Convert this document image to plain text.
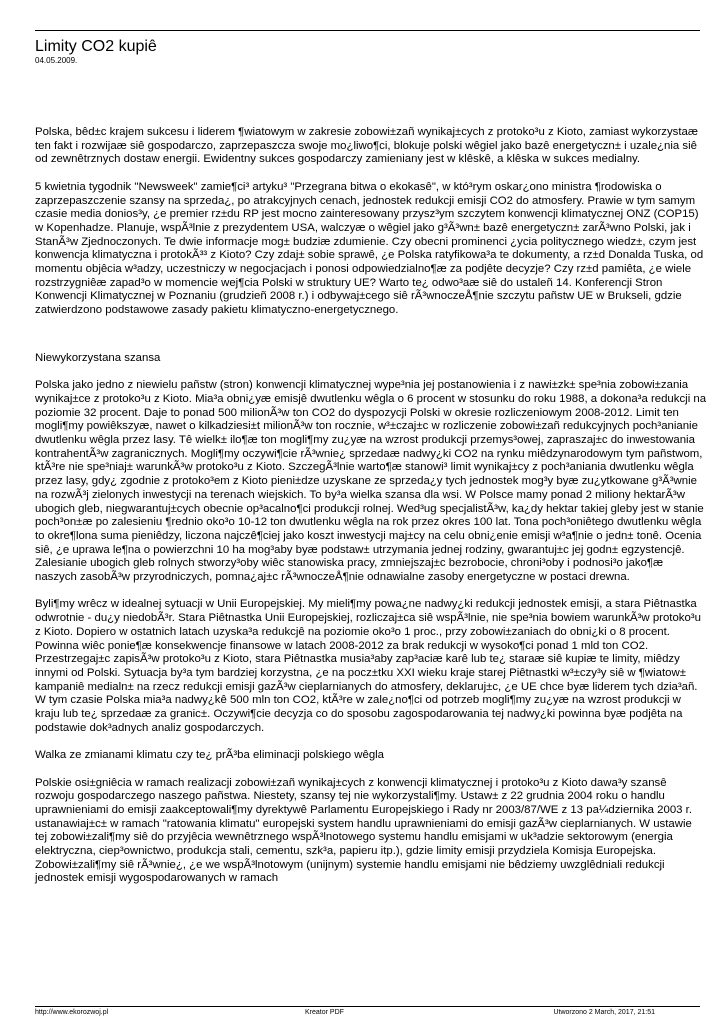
Limity CO2 kupiê
04.05.2009.

Polska, bêd±c krajem sukcesu i liderem ¶wiatowym w zakresie zobowi±zañ wynikaj±cych z protoko³u z Kioto, zamiast wykorzystaæ ten fakt i rozwijaæ siê gospodarczo, zaprzepaszcza swoje mo¿liwo¶ci, blokuje polski wêgiel jako bazê energetyczn± i uzale¿nia siê od zewnêtrznych dostaw energii. Ewidentny sukces gospodarczy zamieniany jest w klêskê, a klêska w sukces medialny.

5 kwietnia tygodnik "Newsweek" zamie¶ci³ artyku³ "Przegrana bitwa o ekokasê", w któ³rym oskar¿ono ministra ¶rodowiska o zaprzepaszczenie szansy na sprzeda¿, po atrakcyjnych cenach, jednostek redukcji emisji CO2 do atmosfery. Prawie w tym samym czasie media donios³y, ¿e premier rz±du RP jest mocno zainteresowany przysz³ym szczytem konwencji klimatycznej ONZ (COP15) w Kopenhadze. Planuje, wspÃ³lnie z prezydentem USA, walczyæ o wêgiel jako g³Ã³wn± bazê energetyczn± zarÃ³wno Polski, jak i StanÃ³w Zjednoczonych. Te dwie informacje mog± budziæ zdumienie. Czy obecni prominenci ¿ycia politycznego wiedz±, czym jest konwencja klimatyczna i protokÃ³³ z Kioto? Czy zdaj± sobie sprawê, ¿e Polska ratyfikowa³a te dokumenty, a rz±d Donalda Tuska, od momentu objêcia w³adzy, uczestniczy w negocjacjach i ponosi odpowiedzialno¶æ za podjête decyzje? Czy rz±d pamiêta, ¿e wiele rozstrzygniêæ zapad³o w momencie wej¶cia Polski w struktury UE? Warto te¿ odwo³aæ siê do ustaleñ 14. Konferencji Stron Konwencji Klimatycznej w Poznaniu (grudzieñ 2008 r.) i odbywaj±cego siê rÃ³wnoczeÅ¶nie szczytu pañstw UE w Brukseli, gdzie zatwierdzono podstawowe zasady pakietu klimatyczno-energetycznego.

Niewykorzystana szansa

Polska jako jedno z niewielu pañstw (stron) konwencji klimatycznej wype³nia jej postanowienia i z nawi±zk± spe³nia zobowi±zania wynikaj±ce z protoko³u z Kioto. Mia³a obni¿yæ emisjê dwutlenku wêgla o 6 procent w stosunku do roku 1988, a dokona³a redukcji na poziomie 32 procent. Daje to ponad 500 milionÃ³w ton CO2 do dyspozycji Polski w okresie rozliczeniowym 2008-2012. Limit ten mogli¶my powiêkszyæ, nawet o kilkadziesi±t milionÃ³w ton rocznie, w³±czaj±c w rozliczenie zobowi±zañ redukcyjnych poch³anianie dwutlenku wêgla przez lasy. Tê wielk± ilo¶æ ton mogli¶my zu¿yæ na wzrost produkcji przemys³owej, zapraszaj±c do inwestowania kontrahentÃ³w zagranicznych. Mogli¶my oczywi¶cie rÃ³wnie¿ sprzedaæ nadwy¿ki CO2 na rynku miêdzynarodowym tym pañstwom, ktÃ³re nie spe³niaj± warunkÃ³w protoko³u z Kioto. SzczegÃ³lnie warto¶æ stanowi³ limit wynikaj±cy z poch³aniania dwutlenku wêgla przez lasy, gdy¿ zgodnie z protoko³em z Kioto pieni±dze uzyskane ze sprzeda¿y tych jednostek mog³y byæ zu¿ytkowane g³Ã³wnie na rozwÃ³j zielonych inwestycji na terenach wiejskich. To by³a wielka szansa dla wsi. W Polsce mamy ponad 2 miliony hektarÃ³w ubogich gleb, niegwarantuj±cych obecnie op³acalno¶ci produkcji rolnej. Wed³ug specjalistÃ³w, ka¿dy hektar takiej gleby jest w stanie poch³on±æ po zalesieniu ¶rednio oko³o 10-12 ton dwutlenku wêgla na rok przez okres 100 lat. Tona poch³oniêtego dwutlenku wêgla to okre¶lona suma pieniêdzy, liczona najczê¶ciej jako koszt inwestycji maj±cy na celu obni¿enie emisji w³a¶nie o jedn± tonê. Ocenia siê, ¿e uprawa le¶na o powierzchni 10 ha mog³aby byæ podstaw± utrzymania jednej rodziny, gwarantuj±c jej godn± egzystencjê. Zalesianie ubogich gleb rolnych stworzy³oby wiêc stanowiska pracy, zmniejszaj±c bezrobocie, chroni³oby i podnosi³o jako¶æ naszych zasobÃ³w przyrodniczych, pomna¿aj±c rÃ³wnoczeÅ¶nie odnawialne zasoby energetyczne w postaci drewna.

Byli¶my wrêcz w idealnej sytuacji w Unii Europejskiej. My mieli¶my powa¿ne nadwy¿ki redukcji jednostek emisji, a stara Piêtnastka odwrotnie - du¿y niedobÃ³r. Stara Piêtnastka Unii Europejskiej, rozliczaj±ca siê wspÃ³lnie, nie spe³nia bowiem warunkÃ³w protoko³u z Kioto. Dopiero w ostatnich latach uzyska³a redukcjê na poziomie oko³o 1 proc., przy zobowi±zaniach do obni¿ki o 8 procent. Powinna wiêc ponie¶æ konsekwencje finansowe w latach 2008-2012 za brak redukcji w wysoko¶ci ponad 1 mld ton CO2. Przestrzegaj±c zapisÃ³w protoko³u z Kioto, stara Piêtnastka musia³aby zap³aciæ karê lub te¿ staraæ siê kupiæ te limity, miêdzy innymi od Polski. Sytuacja by³a tym bardziej korzystna, ¿e na pocz±tku XXI wieku kraje starej Piêtnastki w³±czy³y siê w ¶wiatow± kampaniê medialn± na rzecz redukcji emisji gazÃ³w cieplarnianych do atmosfery, deklaruj±c, ¿e UE chce byæ liderem tych dzia³añ. W tym czasie Polska mia³a nadwy¿kê 500 mln ton CO2, ktÃ³re w zale¿no¶ci od potrzeb mogli¶my zu¿yæ na wzrost produkcji w kraju lub te¿ sprzedaæ za granic±. Oczywi¶cie decyzja co do sposobu zagospodarowania tej nadwy¿ki powinna byæ podjêta na podstawie dok³adnych analiz gospodarczych.

Walka ze zmianami klimatu czy te¿ prÃ³ba eliminacji polskiego wêgla

Polskie osi±gniêcia w ramach realizacji zobowi±zañ wynikaj±cych z konwencji klimatycznej i protoko³u z Kioto dawa³y szansê rozwoju gospodarczego naszego pañstwa. Niestety, szansy tej nie wykorzystali¶my. Ustaw± z 22 grudnia 2004 roku o handlu uprawnieniami do emisji zaakceptowali¶my dyrektywê Parlamentu Europejskiego i Rady nr 2003/87/WE z 13 pa¼dziernika 2003 r. ustanawiaj±c± w ramach "ratowania klimatu" europejski system handlu uprawnieniami do emisji gazÃ³w cieplarnianych. W ustawie tej zobowi±zali¶my siê do przyjêcia wewnêtrznego wspÃ³lnotowego systemu handlu emisjami w uk³adzie sektorowym (energia elektryczna, ciep³ownictwo, produkcja stali, cementu, szk³a, papieru itp.), gdzie limity emisji przydziela Komisja Europejska. Zobowi±zali¶my siê rÃ³wnie¿, ¿e we wspÃ³lnotowym (unijnym) systemie handlu emisjami nie bêdziemy uwzglêdniali redukcji jednostek emisji wygospodarowanych w ramach

http://www.ekorozwoj.pl	Kreator PDF	Utworzono 2 March, 2017, 21:51
